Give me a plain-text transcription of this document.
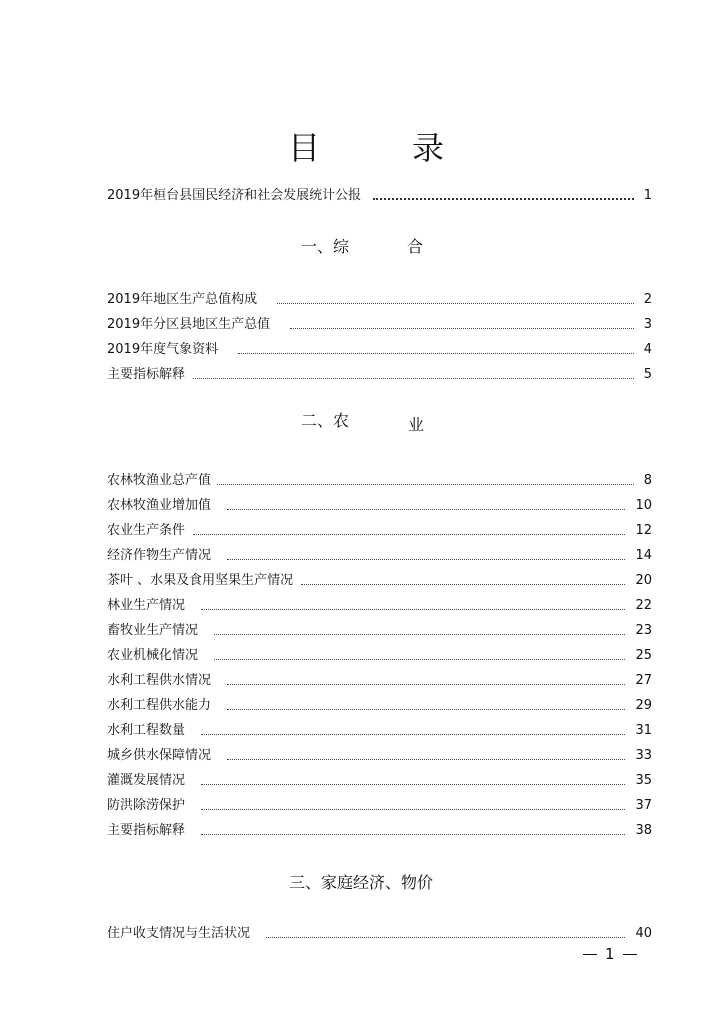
目	录
2019年桓台县国民经济和社会发展统计公报	1
一、综	合
2019年地区生产总值构成	2
2019年分区县地区生产总值	3
2019年度气象资料	4
主要指标解释	5
二、农	业
农林牧渔业总产值	8
农林牧渔业增加值	10
农业生产条件	12
经济作物生产情况	14
茶叶 、水果及食用坚果生产情况	20
林业生产情况	22
畜牧业生产情况	23
农业机械化情况	25
水利工程供水情况	27
水利工程供水能力	29
水利工程数量	31
城乡供水保障情况	33
灌溉发展情况	35
防洪除涝保护	37
主要指标解释	38
三、家庭经济、物价
住户收支情况与生活状况	40
1
